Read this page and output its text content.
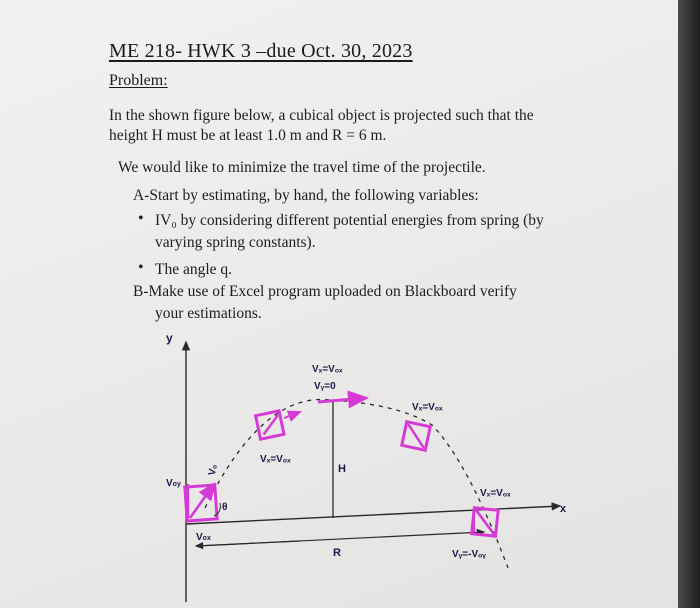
ME 218- HWK 3 –due Oct. 30, 2023
Problem:
In the shown figure below, a cubical object is projected such that the
height H must be at least 1.0 m and R = 6 m.
We would like to minimize the travel time of the projectile.
A-Start by estimating, by hand, the following variables:
• IV₀ by considering different potential energies from spring (by
varying spring constants).
• The angle q.
B-Make use of Excel program uploaded on Blackboard verify
your estimations.
y
x
H
R
Voy
Vox
θ
V₀
Vₓ=Vₒₓ
Vₓ=Vₒₓ
Vᵧ=0
Vₓ=Vₒₓ
Vₓ=Vₒₓ
Vᵧ=-Vₒᵧ
